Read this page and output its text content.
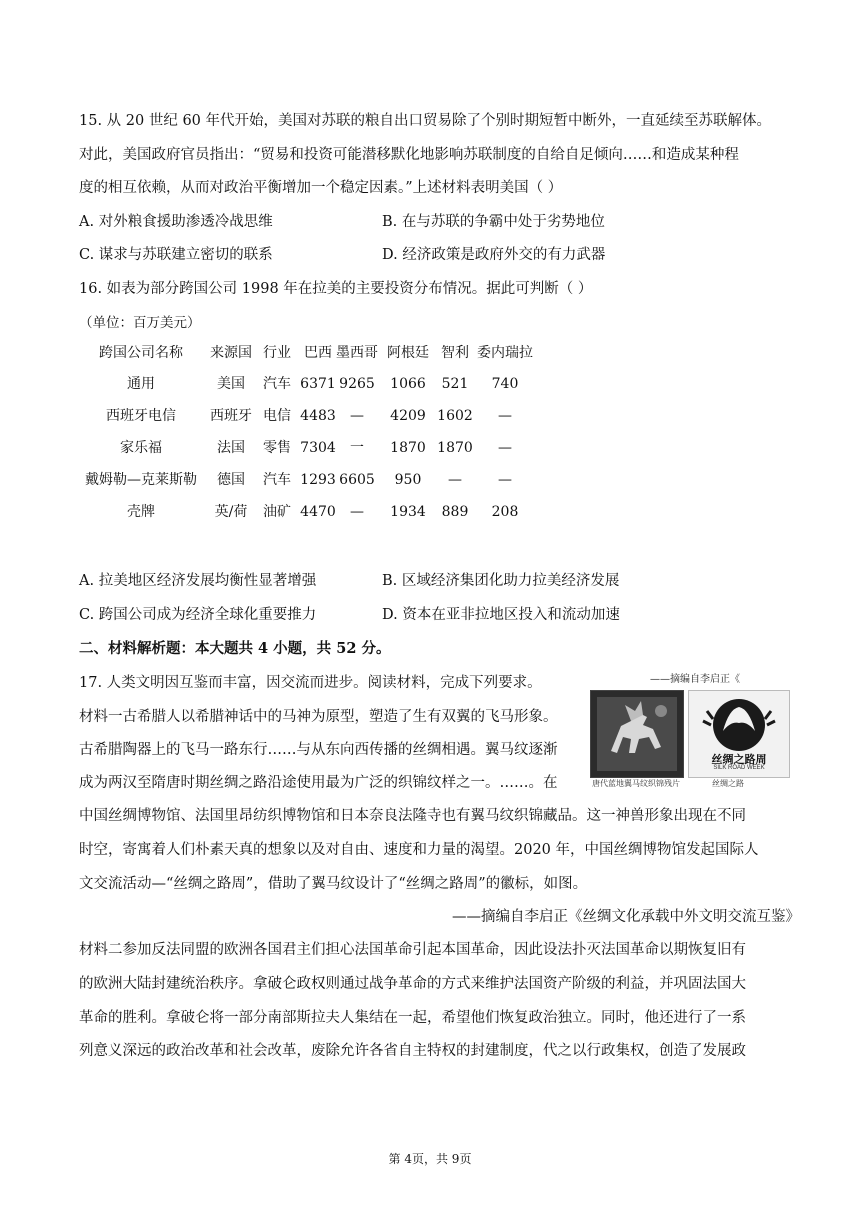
15. 从 20 世纪 60 年代开始，美国对苏联的粮自出口贸易除了个别时期短暂中断外，一直延续至苏联解体。
对此，美国政府官员指出：“贸易和投资可能潜移默化地影响苏联制度的自给自足倾向……和造成某种程
度的相互依赖，从而对政治平衡增加一个稳定因素。”上述材料表明美国（ ）
A. 对外粮食援助渗透冷战思维	B. 在与苏联的争霸中处于劣势地位
C. 谋求与苏联建立密切的联系	D. 经济政策是政府外交的有力武器
16. 如表为部分跨国公司 1998 年在拉美的主要投资分布情况。据此可判断（ ）
（单位：百万美元）
跨国公司名称 来源国 行业 巴西 墨西哥 阿根廷 智利 委内瑞拉
通用	美国 汽车 6371 9265 1066 521 740
西班牙电信 西班牙 电信 4483 — 4209 1602 —
家乐福	法国 零售 7304 一 1870 1870 —
戴姆勒—克莱斯勒 德国 汽车 1293 6605 950 —	—
壳牌	英/荷 油矿 4470 — 1934 889 208
A. 拉美地区经济发展均衡性显著增强	B. 区域经济集团化助力拉美经济发展
C. 跨国公司成为经济全球化重要推力	D. 资本在亚非拉地区投入和流动加速
二、材料解析题：本大题共 4 小题，共 52 分。
17. 人类文明因互鉴而丰富，因交流而进步。阅读材料，完成下列要求。
材料一古希腊人以希腊神话中的马神为原型，塑造了生有双翼的飞马形象。
古希腊陶器上的飞马一路东行……与从东向西传播的丝绸相遇。翼马纹逐渐
成为两汉至隋唐时期丝绸之路沿途使用最为广泛的织锦纹样之一。……。在
中国丝绸博物馆、法国里昂纺织博物馆和日本奈良法隆寺也有翼马纹织锦藏品。这一神兽形象出现在不同
时空，寄寓着人们朴素天真的想象以及对自由、速度和力量的渴望。2020 年，中国丝绸博物馆发起国际人
文交流活动—“丝绸之路周”，借助了翼马纹设计了“丝绸之路周”的徽标，如图。
——摘编自李启正《丝绸文化承载中外文明交流互鉴》
材料二参加反法同盟的欧洲各国君主们担心法国革命引起本国革命，因此设法扑灭法国革命以期恢复旧有
的欧洲大陆封建统治秩序。拿破仑政权则通过战争革命的方式来维护法国资产阶级的利益，并巩固法国大
革命的胜利。拿破仑将一部分南部斯拉夫人集结在一起，希望他们恢复政治独立。同时，他还进行了一系
列意义深远的政治改革和社会改革，废除允许各省自主特权的封建制度，代之以行政集权，创造了发展政
——摘编自李启正《
丝绸之路周
SILK ROAD WEEK
唐代蓝地翼马纹织锦残片	丝绸之路
第 4页，共 9页
